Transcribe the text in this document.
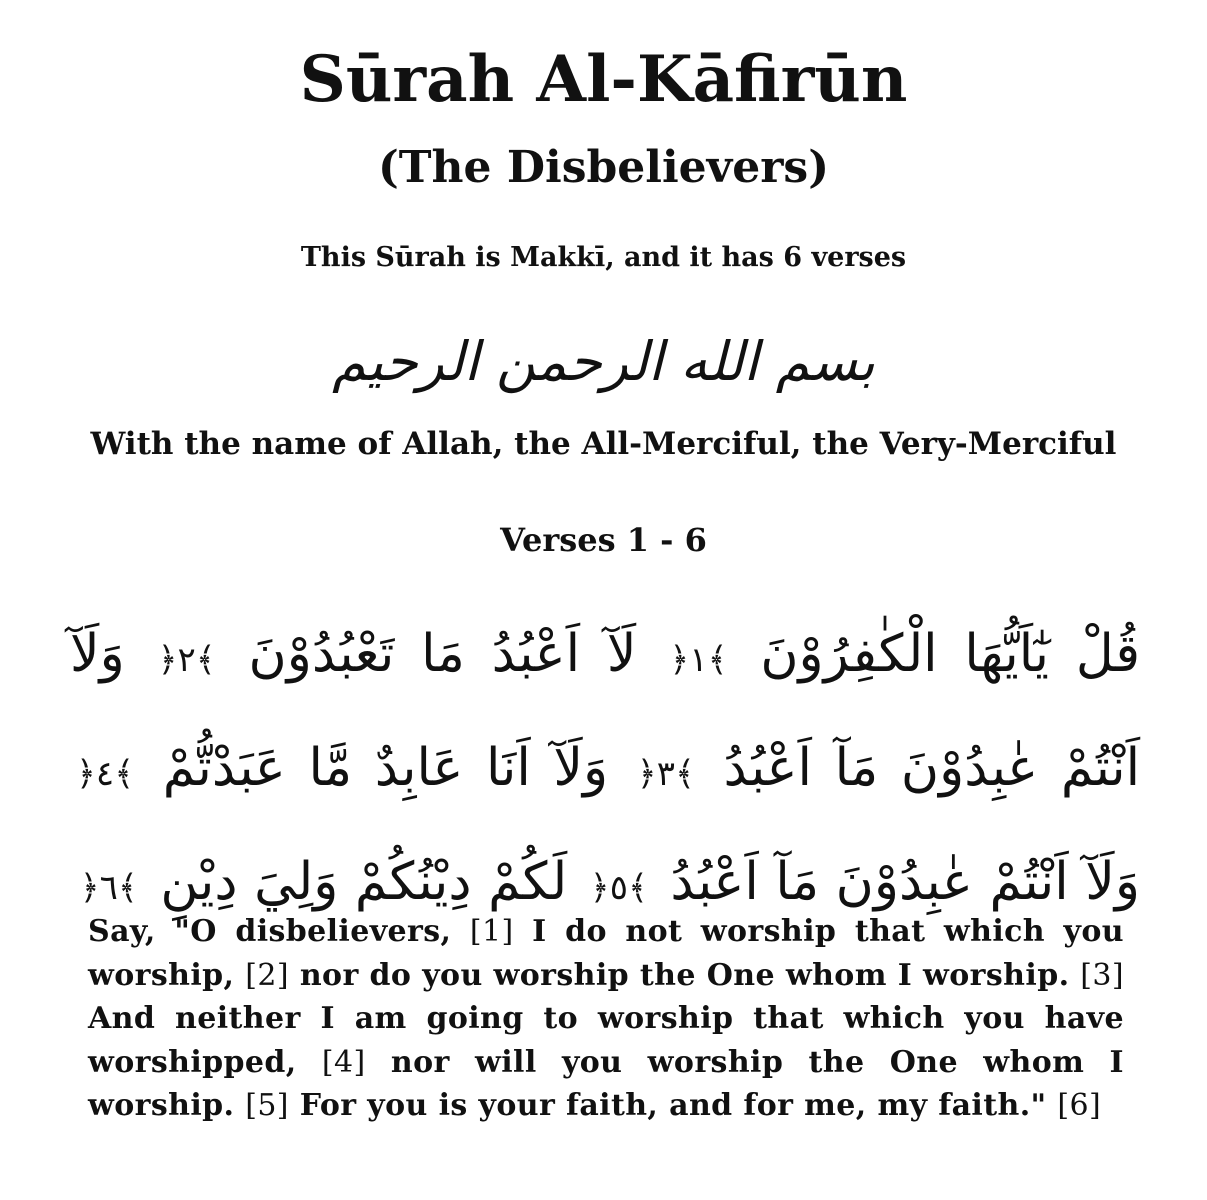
Sūrah Al-Kāfirūn
(The Disbelievers)
This Sūrah is Makkī, and it has 6 verses
بسم الله الرحمن الرحيم
With the name of Allah, the All-Merciful, the Very-Merciful
Verses 1 - 6
قُلْ يٰٓاَيُّهَا الْكٰفِرُوْنَ ﴿١﴾ لَآ اَعْبُدُ مَا تَعْبُدُوْنَ ﴿٢﴾ وَلَآ اَنْتُمْ عٰبِدُوْنَ مَآ اَعْبُدُ ﴿٣﴾ وَلَآ اَنَا عَابِدٌ مَّا عَبَدْتُّمْ ﴿٤﴾ وَلَآ اَنْتُمْ عٰبِدُوْنَ مَآ اَعْبُدُ ﴿٥﴾ لَكُمْ دِيْنُكُمْ وَلِيَ دِيْنِ ﴿٦﴾
Say, "O disbelievers, [1] I do not worship that which you worship, [2] nor do you worship the One whom I worship. [3] And neither I am going to worship that which you have worshipped, [4] nor will you worship the One whom I worship. [5] For you is your faith, and for me, my faith." [6]
